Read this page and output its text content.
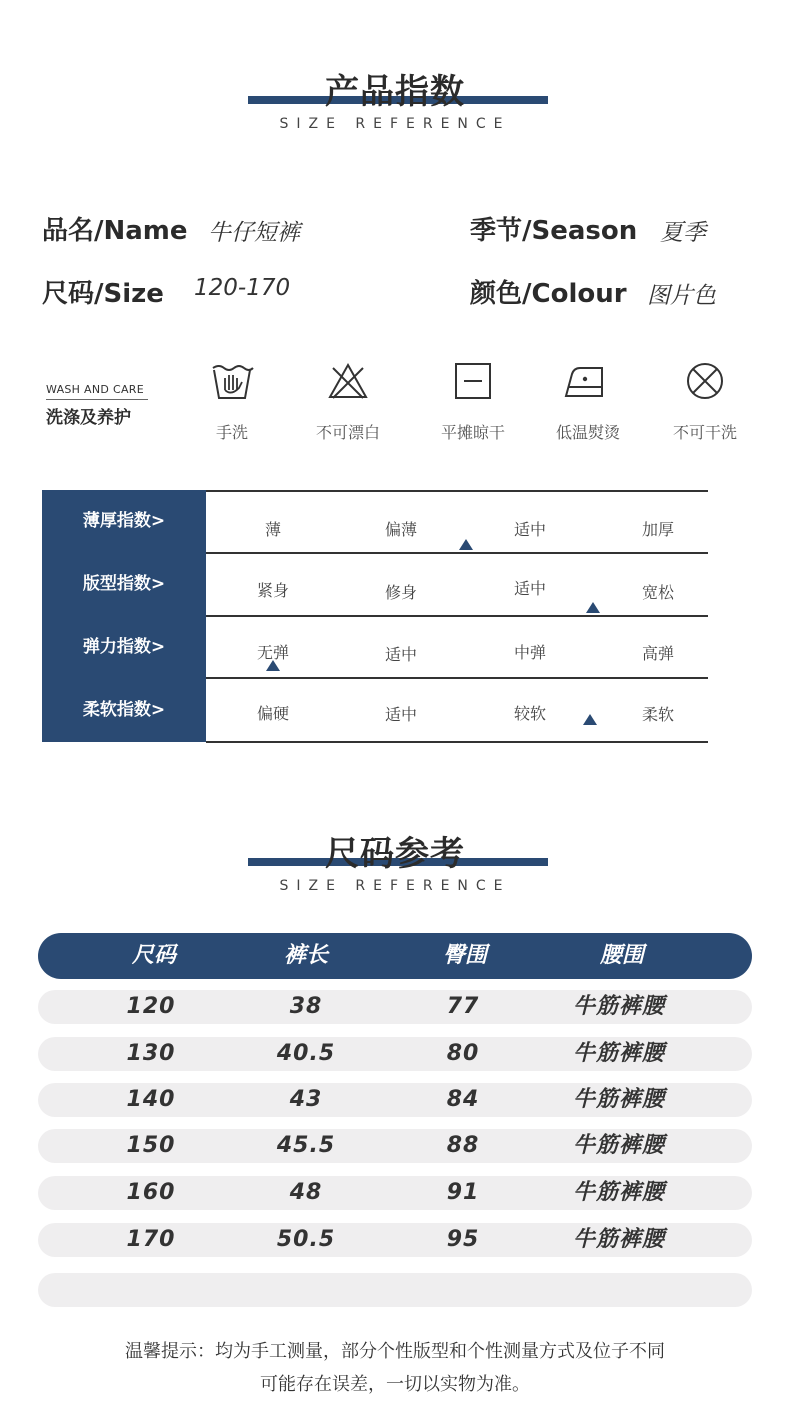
产品指数
SIZE REFERENCE
品名/Name 牛仔短裤	季节/Season 夏季
尺码/Size 120-170	颜色/Colour 图片色
WASH AND CARE
洗涤及养护
手洗	不可漂白	平摊晾干	低温熨烫	不可干洗
薄厚指数>	薄	偏薄	适中	加厚
版型指数>	紧身	修身	适中	宽松
弹力指数>	无弹	适中	中弹	高弹
柔软指数>	偏硬	适中	较软	柔软
尺码参考
SIZE REFERENCE
尺码	裤长	臀围	腰围
120	38	77	牛筋裤腰
130	40.5	80	牛筋裤腰
140	43	84	牛筋裤腰
150	45.5	88	牛筋裤腰
160	48	91	牛筋裤腰
170	50.5	95	牛筋裤腰
温馨提示：均为手工测量，部分个性版型和个性测量方式及位子不同
可能存在误差，一切以实物为准。
